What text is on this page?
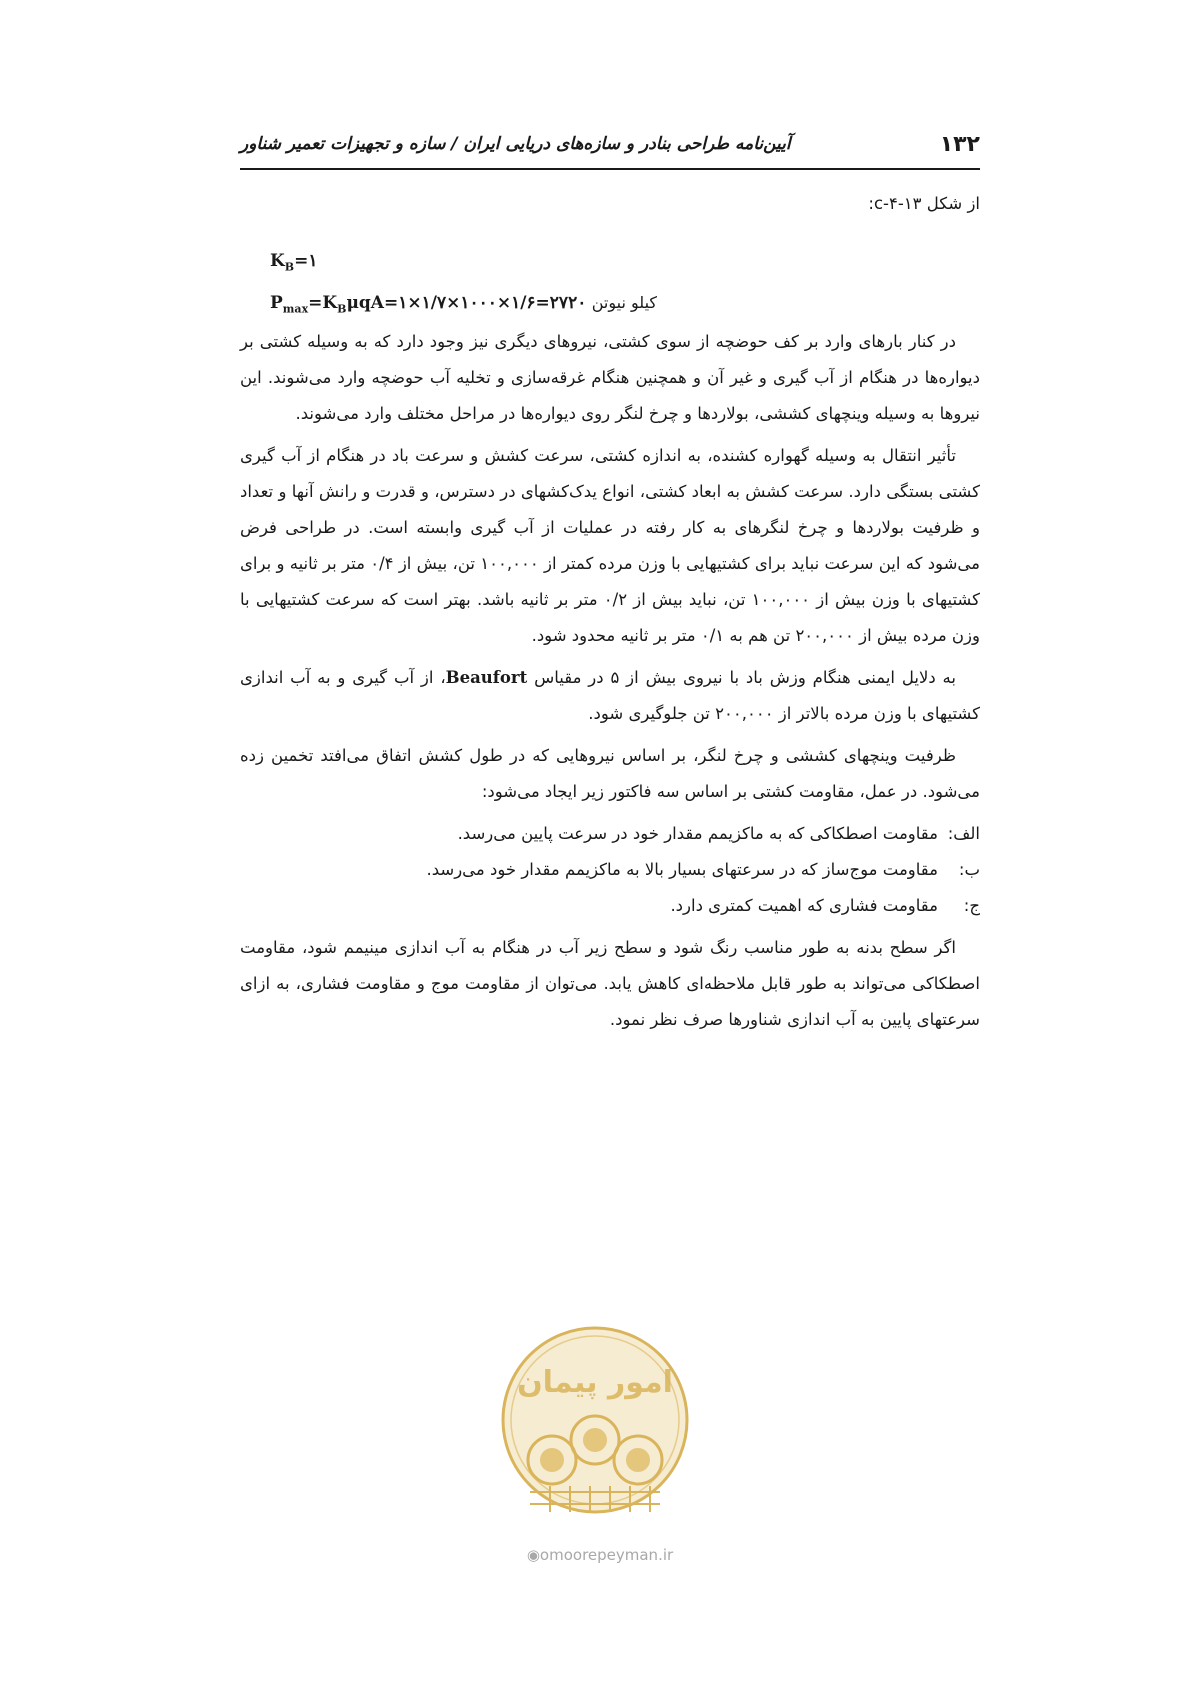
۱۳۲
آیین‌نامه طراحی بنادر و سازه‌های دریایی ایران / سازه و تجهیزات تعمیر شناور

از شکل c-۴-۱۳:

$K_B=۱$

$P_{max}=K_B\mu qA=۱\times ۱/۷\times ۱۰۰۰\times ۱/۶=۲۷۲۰$ کیلو نیوتن

در کنار بارهای وارد بر کف حوضچه از سوی کشتی، نیروهای دیگری نیز وجود دارد که به وسیله کشتی بر دیواره‌ها در هنگام از آب گیری و غیر آن و همچنین هنگام غرقه‌سازی و تخلیه آب حوضچه وارد می‌شوند. این نیروها به وسیله وینچهای کششی، بولاردها و چرخ لنگر روی دیواره‌ها در مراحل مختلف وارد می‌شوند.

تأثیر انتقال به وسیله گهواره کشنده، به اندازه کشتی، سرعت کشش و سرعت باد در هنگام از آب گیری کشتی بستگی دارد. سرعت کشش به ابعاد کشتی، انواع یدک‌کشهای در دسترس، و قدرت و رانش آنها و تعداد و ظرفیت بولاردها و چرخ لنگرهای به کار رفته در عملیات از آب گیری وابسته است. در طراحی فرض می‌شود که این سرعت نباید برای کشتیهایی با وزن مرده کمتر از ۱۰۰,۰۰۰ تن، بیش از ۰/۴ متر بر ثانیه و برای کشتیهای با وزن بیش از ۱۰۰,۰۰۰ تن، نباید بیش از ۰/۲ متر بر ثانیه باشد. بهتر است که سرعت کشتیهایی با وزن مرده بیش از ۲۰۰,۰۰۰ تن هم به ۰/۱ متر بر ثانیه محدود شود.

به دلایل ایمنی هنگام وزش باد با نیروی بیش از ۵ در مقیاس Beaufort، از آب گیری و به آب اندازی کشتیهای با وزن مرده بالاتر از ۲۰۰,۰۰۰ تن جلوگیری شود.

ظرفیت وینچهای کششی و چرخ لنگر، بر اساس نیروهایی که در طول کشش اتفاق می‌افتد تخمین زده می‌شود. در عمل، مقاومت کشتی بر اساس سه فاکتور زیر ایجاد می‌شود:

الف:مقاومت اصطکاکی که به ماکزیمم مقدار خود در سرعت پایین می‌رسد.

ب:مقاومت موج‌ساز که در سرعتهای بسیار بالا به ماکزیمم مقدار خود می‌رسد.

ج:مقاومت فشاری که اهمیت کمتری دارد.

اگر سطح بدنه به طور مناسب رنگ شود و سطح زیر آب در هنگام به آب اندازی مینیمم شود، مقاومت اصطکاکی می‌تواند به طور قابل ملاحظه‌ای کاهش یابد. می‌توان از مقاومت موج و مقاومت فشاری، به ازای سرعتهای پایین به آب اندازی شناورها صرف نظر نمود.

امور پیمان
◉omoorepeyman.ir
